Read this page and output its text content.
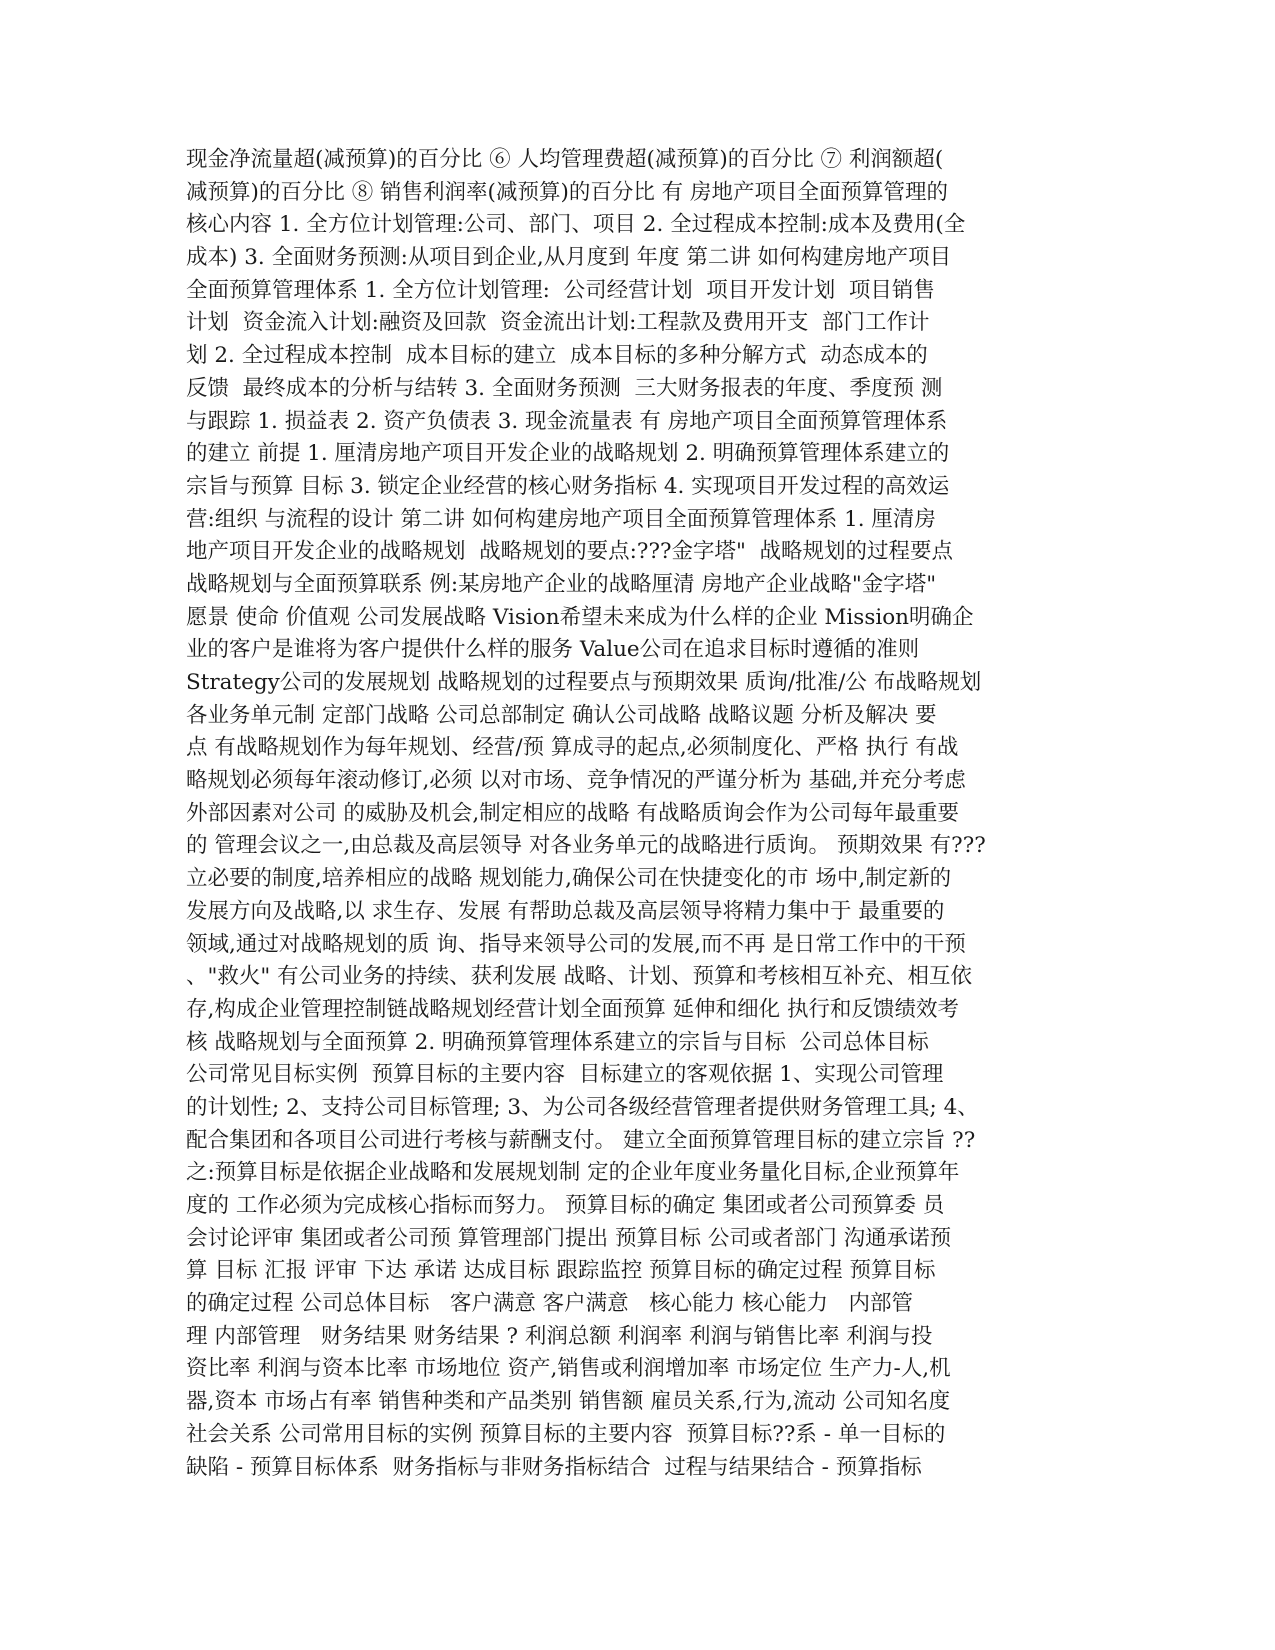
现金净流量超(减预算)的百分比 ⑥ 人均管理费超(减预算)的百分比 ⑦ 利润额超(
减预算)的百分比 ⑧ 销售利润率(减预算)的百分比 有 房地产项目全面预算管理的
核心内容 1. 全方位计划管理:公司、部门、项目 2. 全过程成本控制:成本及费用(全
成本) 3. 全面财务预测:从项目到企业,从月度到 年度 第二讲 如何构建房地产项目
全面预算管理体系 1. 全方位计划管理:  公司经营计划  项目开发计划  项目销售
计划  资金流入计划:融资及回款  资金流出计划:工程款及费用开支  部门工作计
划 2. 全过程成本控制  成本目标的建立  成本目标的多种分解方式  动态成本的
反馈  最终成本的分析与结转 3. 全面财务预测  三大财务报表的年度、季度预 测
与跟踪 1. 损益表 2. 资产负债表 3. 现金流量表 有 房地产项目全面预算管理体系
的建立 前提 1. 厘清房地产项目开发企业的战略规划 2. 明确预算管理体系建立的
宗旨与预算 目标 3. 锁定企业经营的核心财务指标 4. 实现项目开发过程的高效运
营:组织 与流程的设计 第二讲 如何构建房地产项目全面预算管理体系 1. 厘清房
地产项目开发企业的战略规划  战略规划的要点:???金字塔"  战略规划的过程要点
战略规划与全面预算联系 例:某房地产企业的战略厘清 房地产企业战略"金字塔"
愿景 使命 价值观 公司发展战略 Vision希望未来成为什么样的企业 Mission明确企
业的客户是谁将为客户提供什么样的服务 Value公司在追求目标时遵循的准则
Strategy公司的发展规划 战略规划的过程要点与预期效果 质询/批准/公 布战略规划
各业务单元制 定部门战略 公司总部制定 确认公司战略 战略议题 分析及解决 要
点 有战略规划作为每年规划、经营/预 算成寻的起点,必须制度化、严格 执行 有战
略规划必须每年滚动修订,必须 以对市场、竞争情况的严谨分析为 基础,并充分考虑
外部因素对公司 的威胁及机会,制定相应的战略 有战略质询会作为公司每年最重要
的 管理会议之一,由总裁及高层领导 对各业务单元的战略进行质询。 预期效果 有???
立必要的制度,培养相应的战略 规划能力,确保公司在快捷变化的市 场中,制定新的
发展方向及战略,以 求生存、发展 有帮助总裁及高层领导将精力集中于 最重要的
领域,通过对战略规划的质 询、指导来领导公司的发展,而不再 是日常工作中的干预
、"救火" 有公司业务的持续、获利发展 战略、计划、预算和考核相互补充、相互依
存,构成企业管理控制链战略规划经营计划全面预算 延伸和细化 执行和反馈绩效考
核 战略规划与全面预算 2. 明确预算管理体系建立的宗旨与目标  公司总体目标
公司常见目标实例  预算目标的主要内容  目标建立的客观依据 1、实现公司管理
的计划性; 2、支持公司目标管理; 3、为公司各级经营管理者提供财务管理工具; 4、
配合集团和各项目公司进行考核与薪酬支付。 建立全面预算管理目标的建立宗旨 ??
之:预算目标是依据企业战略和发展规划制 定的企业年度业务量化目标,企业预算年
度的 工作必须为完成核心指标而努力。 预算目标的确定 集团或者公司预算委 员
会讨论评审 集团或者公司预 算管理部门提出 预算目标 公司或者部门 沟通承诺预
算 目标 汇报 评审 下达 承诺 达成目标 跟踪监控 预算目标的确定过程 预算目标
的确定过程 公司总体目标   客户满意 客户满意   核心能力 核心能力   内部管
理 内部管理   财务结果 财务结果 ? 利润总额 利润率 利润与销售比率 利润与投
资比率 利润与资本比率 市场地位 资产,销售或利润增加率 市场定位 生产力-人,机
器,资本 市场占有率 销售种类和产品类别 销售额 雇员关系,行为,流动 公司知名度
社会关系 公司常用目标的实例 预算目标的主要内容  预算目标??系 - 单一目标的
缺陷 - 预算目标体系  财务指标与非财务指标结合  过程与结果结合 - 预算指标
